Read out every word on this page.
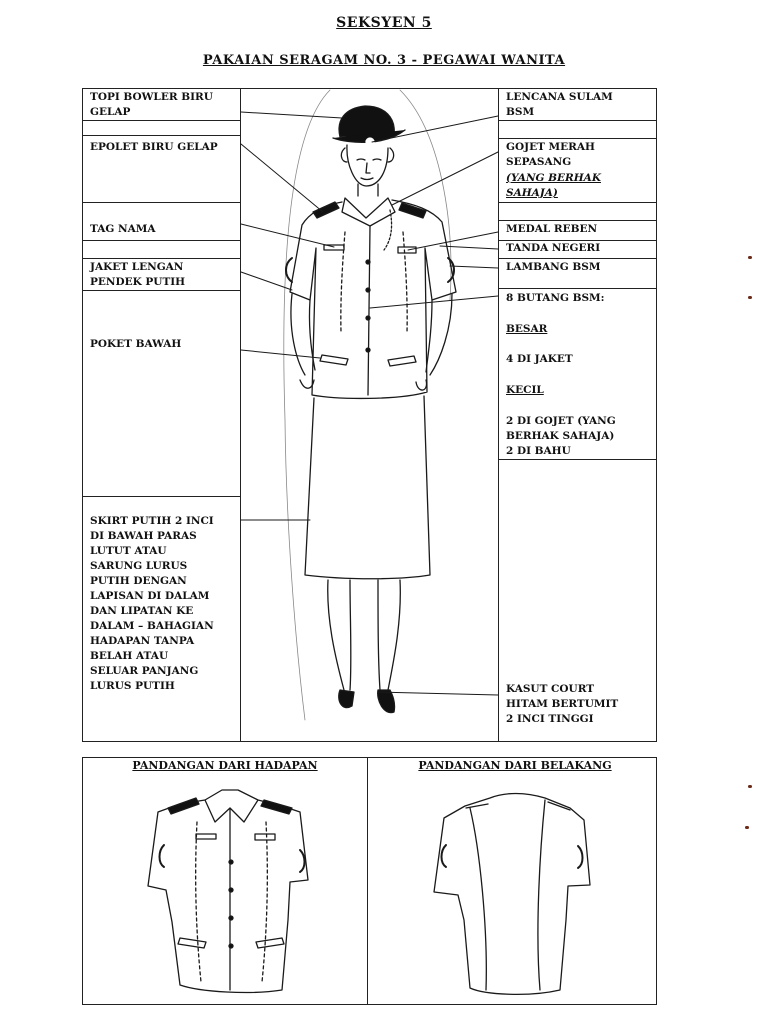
SEKSYEN 5
PAKAIAN SERAGAM NO. 3 - PEGAWAI WANITA
TOPI BOWLER BIRU
GELAP
EPOLET BIRU GELAP
TAG NAMA
JAKET LENGAN
PENDEK PUTIH
POKET BAWAH
SKIRT PUTIH 2 INCI
DI BAWAH PARAS
LUTUT ATAU
SARUNG LURUS
PUTIH DENGAN
LAPISAN DI DALAM
DAN LIPATAN KE
DALAM – BAHAGIAN
HADAPAN TANPA
BELAH ATAU
SELUAR PANJANG
LURUS PUTIH
LENCANA SULAM
BSM
GOJET MERAH
SEPASANG
(YANG BERHAK
SAHAJA)
MEDAL REBEN
TANDA NEGERI
LAMBANG BSM
8 BUTANG BSM:
BESAR
4 DI JAKET
KECIL
2 DI GOJET (YANG
BERHAK SAHAJA)
2 DI BAHU
KASUT COURT
HITAM BERTUMIT
2 INCI TINGGI
PANDANGAN DARI HADAPAN	PANDANGAN DARI BELAKANG
